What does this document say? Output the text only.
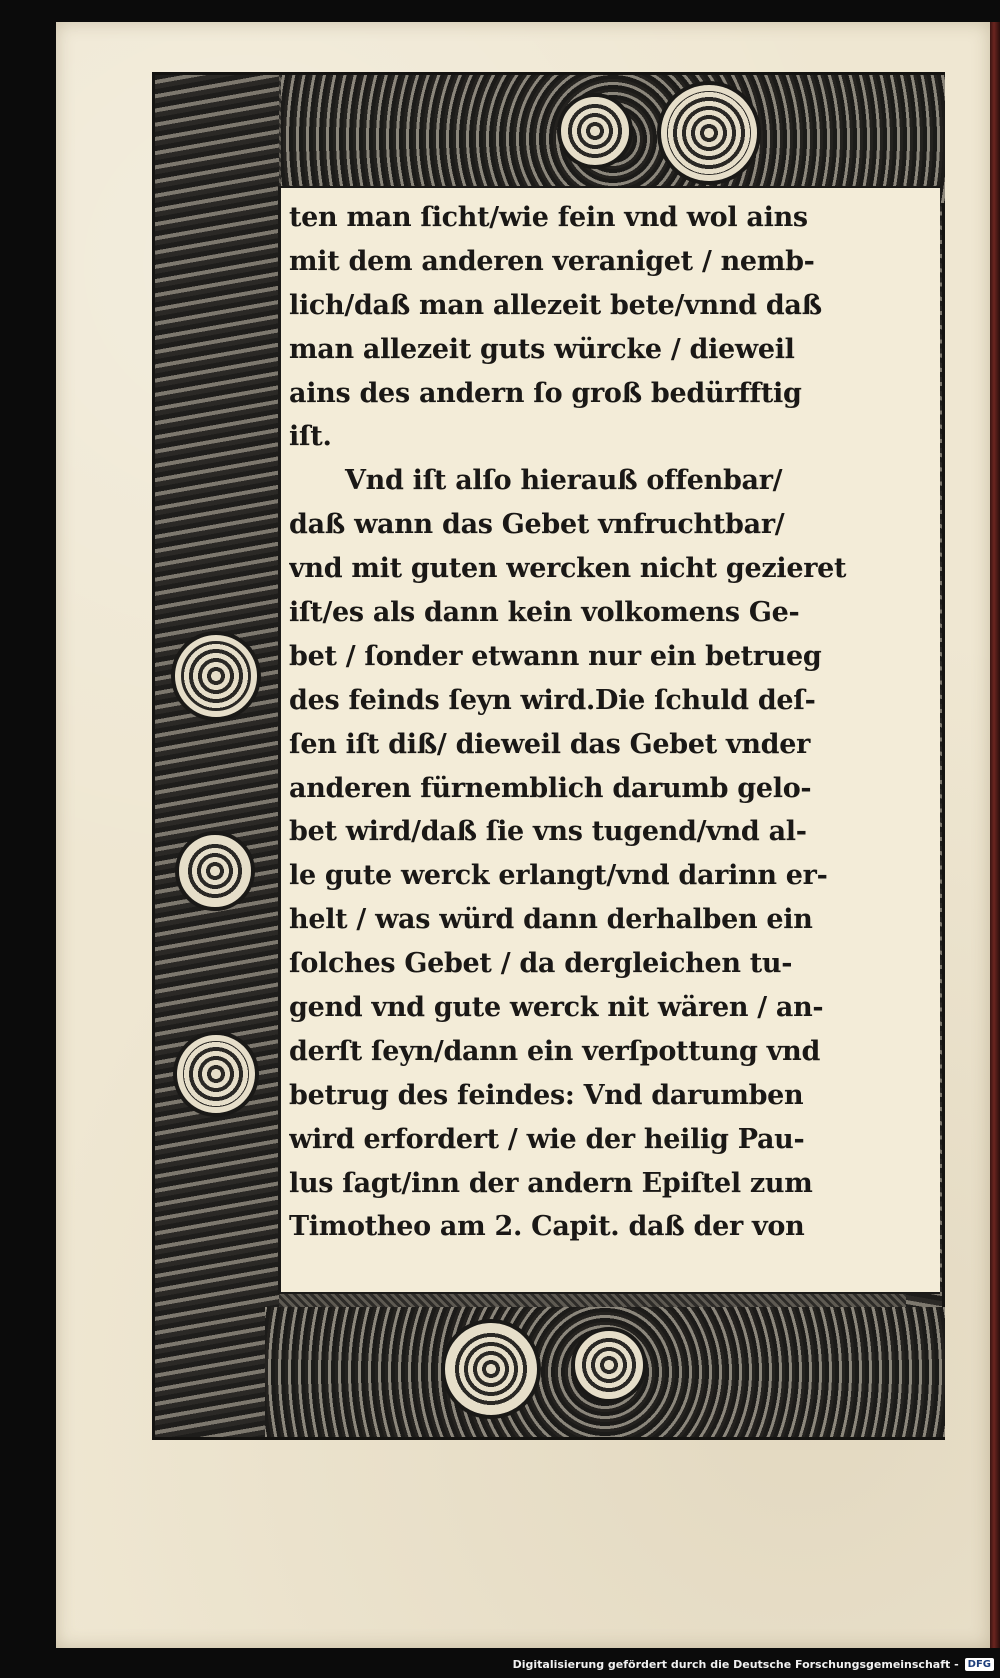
ten man ſicht/wie fein vnd wol ains
mit dem anderen veraniget / nemb-
lich/daß man allezeit bete/vnnd daß
man allezeit guts würcke / dieweil
ains des andern ſo groß bedürfftig
iſt.
Vnd iſt alſo hierauß offenbar/
daß wann das Gebet vnfruchtbar/
vnd mit guten wercken nicht gezieret
iſt/es als dann kein volkomens Ge-
bet / ſonder etwann nur ein betrueg
des feinds ſeyn wird.Die ſchuld deſ-
ſen iſt diß/ dieweil das Gebet vnder
anderen fürnemblich darumb gelo-
bet wird/daß ſie vns tugend/vnd al-
le gute werck erlangt/vnd darinn er-
helt / was würd dann derhalben ein
ſolches Gebet / da dergleichen tu-
gend vnd gute werck nit wären / an-
derſt ſeyn/dann ein verſpottung vnd
betrug des feindes: Vnd darumben
wird erfordert / wie der heilig Pau-
lus ſagt/inn der andern Epiſtel zum
Timotheo am 2. Capit. daß der von
Digitalisierung gefördert durch die Deutsche Forschungsgemeinschaft - DFG
